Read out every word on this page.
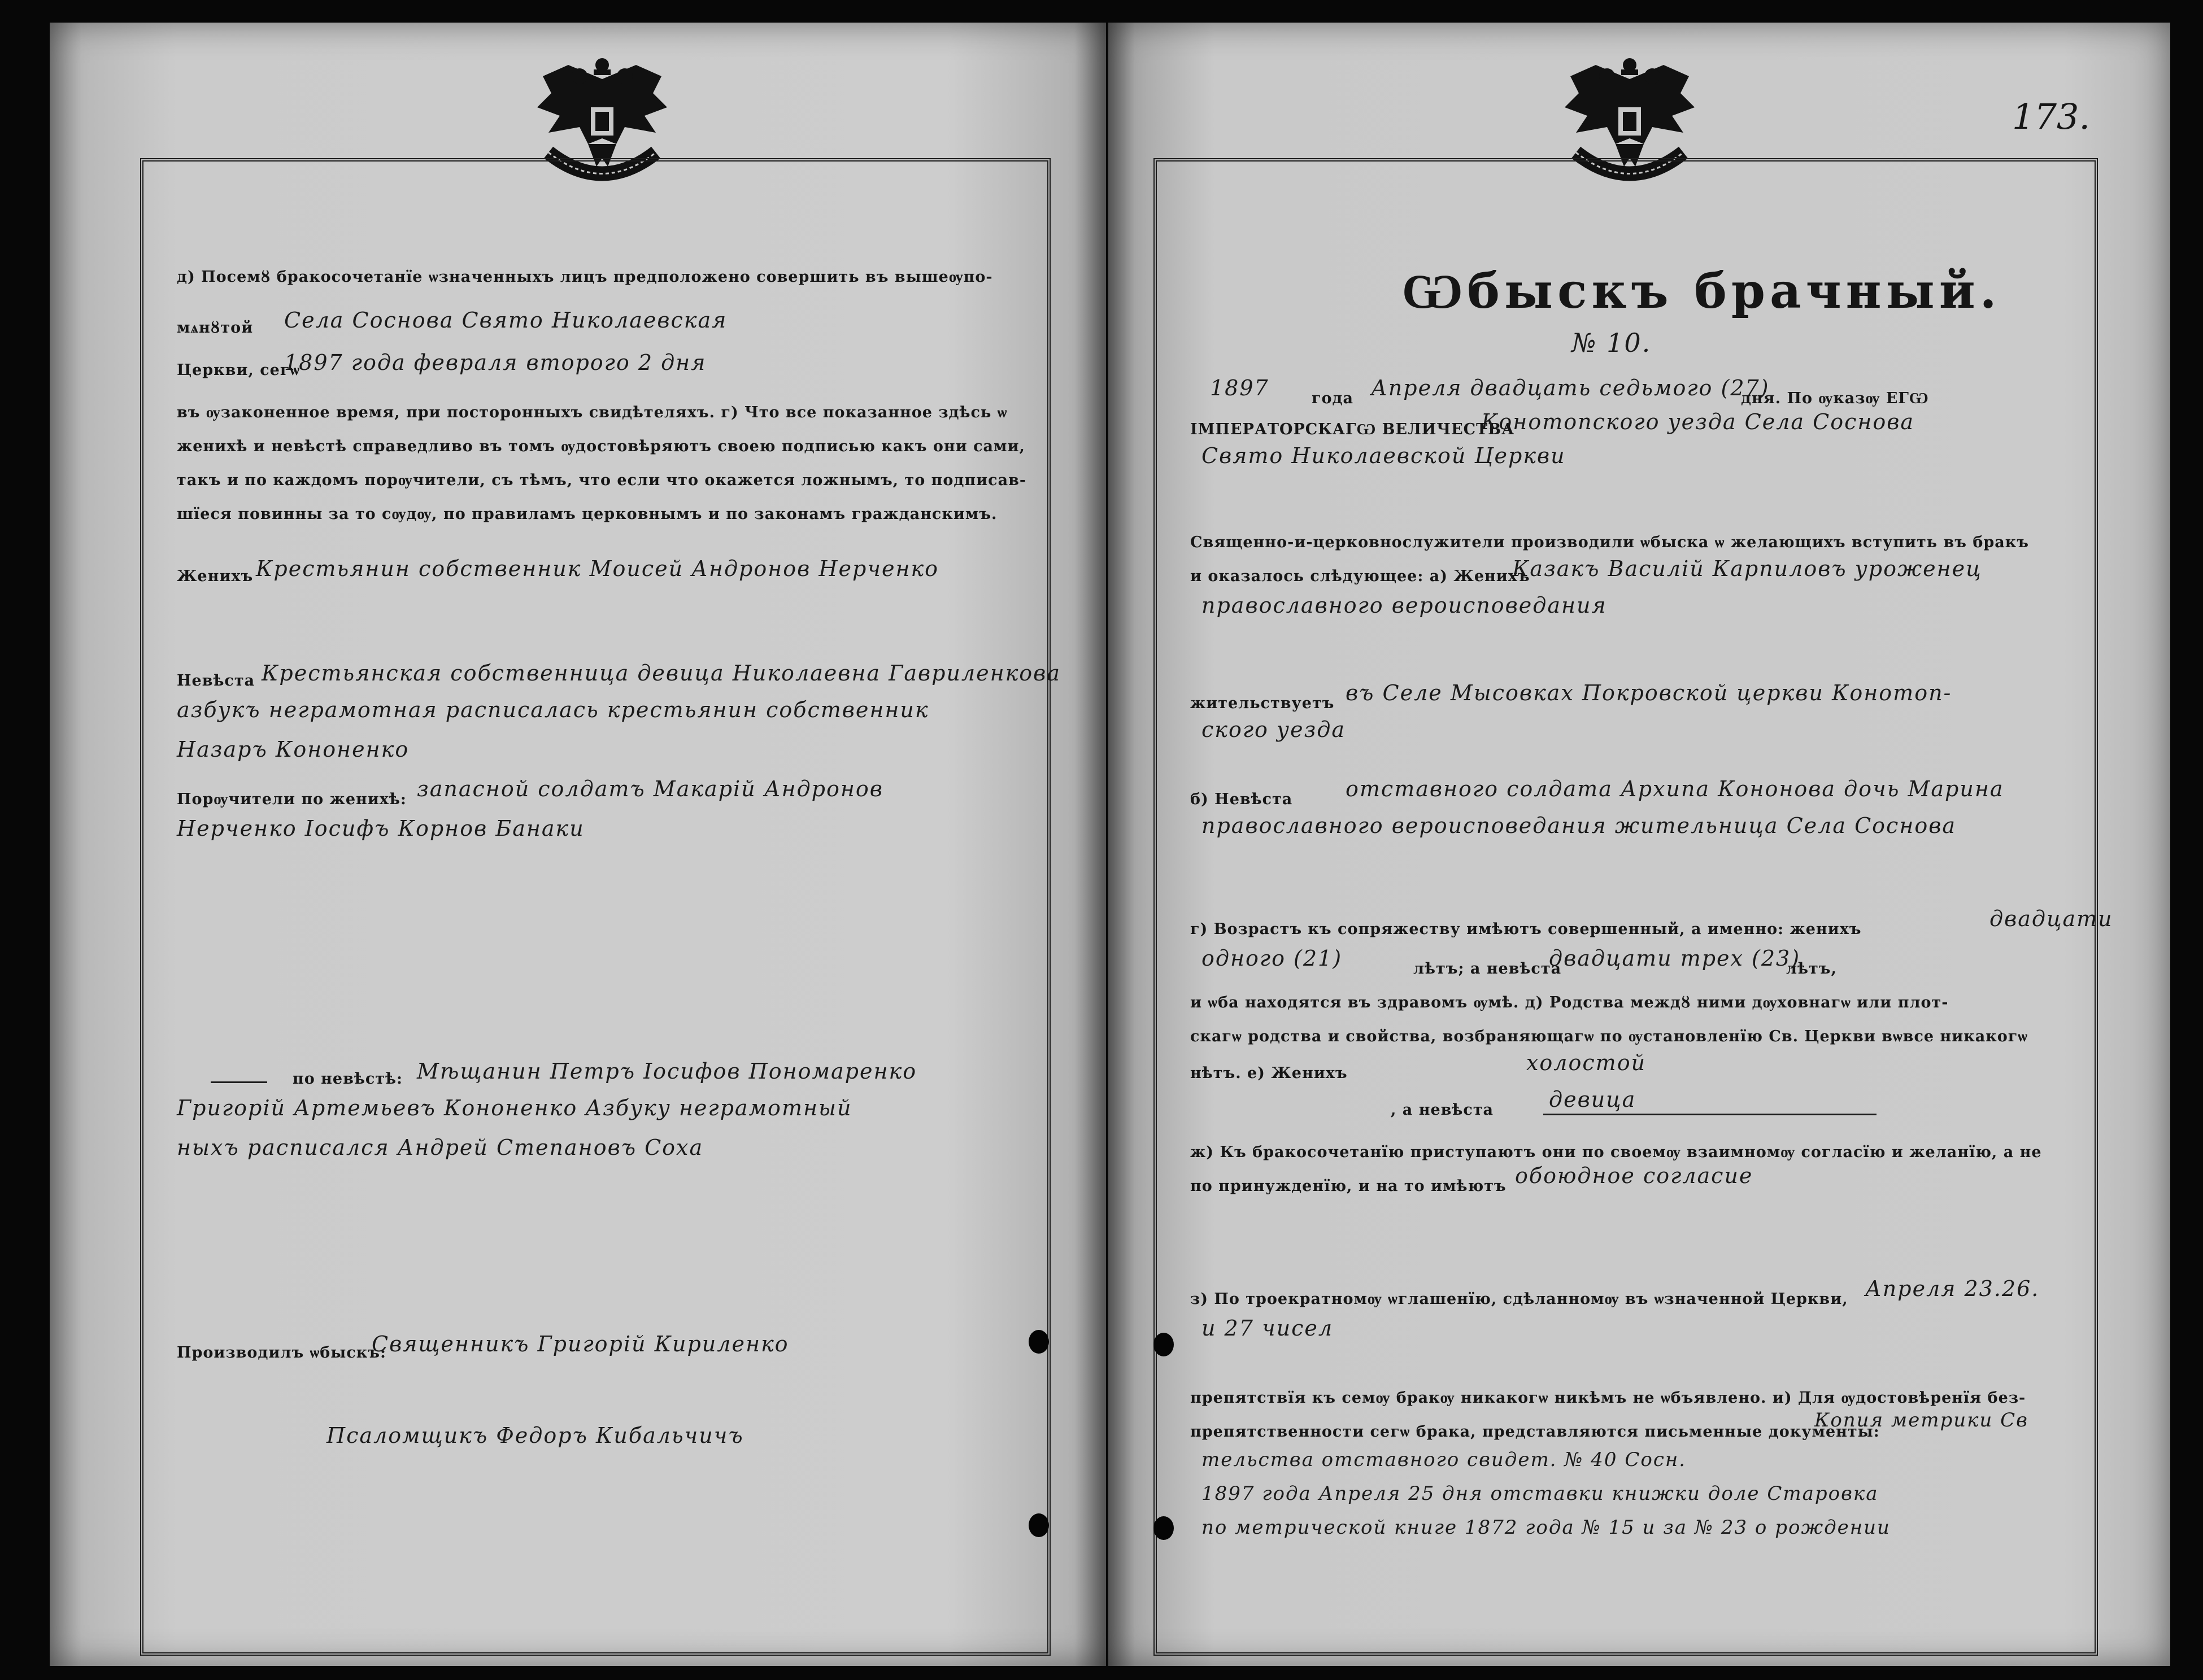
д) Посемȣ бракосочетанїе ѡзначенныхъ лицъ предположено совершить въ вышеѹпо-
мѧнȣтой Села Соснова Свято Николаевская
Церкви, сегѡ
1897 года февраля второго 2 дня
въ ѹзаконенное время, при посторонныхъ свидѣтеляхъ. г) Что все показанное здѣсь ѡ
женихѣ и невѣстѣ справедливо въ томъ ѹдостовѣряютъ своею подписью какъ они сами,
такъ и по каждомъ порѹчители, съ тѣмъ, что если что окажется ложнымъ, то подписав-
шїеся повинны за то сѹдѹ, по правиламъ церковнымъ и по законамъ гражданскимъ.
Женихъ Крестьянин собственник Моисей Андронов Нерченко
Невѣста Крестьянская собственница девица Николаевна Гавриленкова
азбукъ неграмотная расписалась крестьянин собственник
Назаръ Кононенко
Порѹчители по женихѣ: запасной солдатъ Макарій Андронов
Нерченко Іосифъ Корнов Банаки
по невѣстѣ: Мѣщанин Петръ Іосифов Пономаренко
Григорій Артемьевъ Кононенко Азбуку неграмотный
ныхъ расписался Андрей Степановъ Соха
Производилъ ѡбыскъ:
Священникъ Григорій Кириленко
Псаломщикъ Федоръ Кибальчичъ
173.
Ѡбыскъ брачный.
№ 10.
1897	года Апреля двадцать седьмого (27)
дня. По ѹказѹ ЕГѠ
ІМПЕРАТОРСКАГѠ ВЕЛИЧЕСТВА
Конотопского уезда Села Соснова
Свято Николаевской Церкви
Священно-и-церковнослужители производили ѡбыска ѡ желающихъ вступить въ бракъ
и оказалось слѣдующее: а) Женихъ
Казакъ Василій Карпиловъ уроженец
православного вероисповедания
жительствуетъ въ Селе Мысовках Покровской церкви Конотоп-
ского уезда
б) Невѣста отставного солдата Архипа Кононова дочь Марина
православного вероисповедания жительница Села Соснова
г) Возрастъ къ сопряжеству имѣютъ совершенный, а именно: женихъ	двадцати
одного (21)	лѣтъ; а невѣста
двадцати трех (23)
лѣтъ,
и ѡба находятся въ здравомъ ѹмѣ. д) Родства междȣ ними дѹховнагѡ или плот-
скагѡ родства и свойства, возбраняющагѡ по ѹстановленїю Св. Церкви вѡвсе никакогѡ
нѣтъ. е) Женихъ	холостой
, а невѣста	девица
ж) Къ бракосочетанїю приступаютъ они по своемѹ взаимномѹ согласїю и желанїю, а не
по принужденїю, и на то имѣютъ обоюдное согласие
з) По троекратномѹ ѡглашенїю, сдѣланномѹ въ ѡзначенной Церкви, Апреля 23.26.
и 27 чисел
препятствїя къ семѹ бракѹ никакогѡ никѣмъ не ѡбъявлено. и) Для ѹдостовѣренїя без-
препятственности сегѡ брака, представляются письменные документы:
Копия метрики Св
тельства отставного свидет. № 40 Сосн.
1897 года Апреля 25 дня отставки книжки доле Старовка
по метрической книге 1872 года № 15 и за № 23 о рождении
